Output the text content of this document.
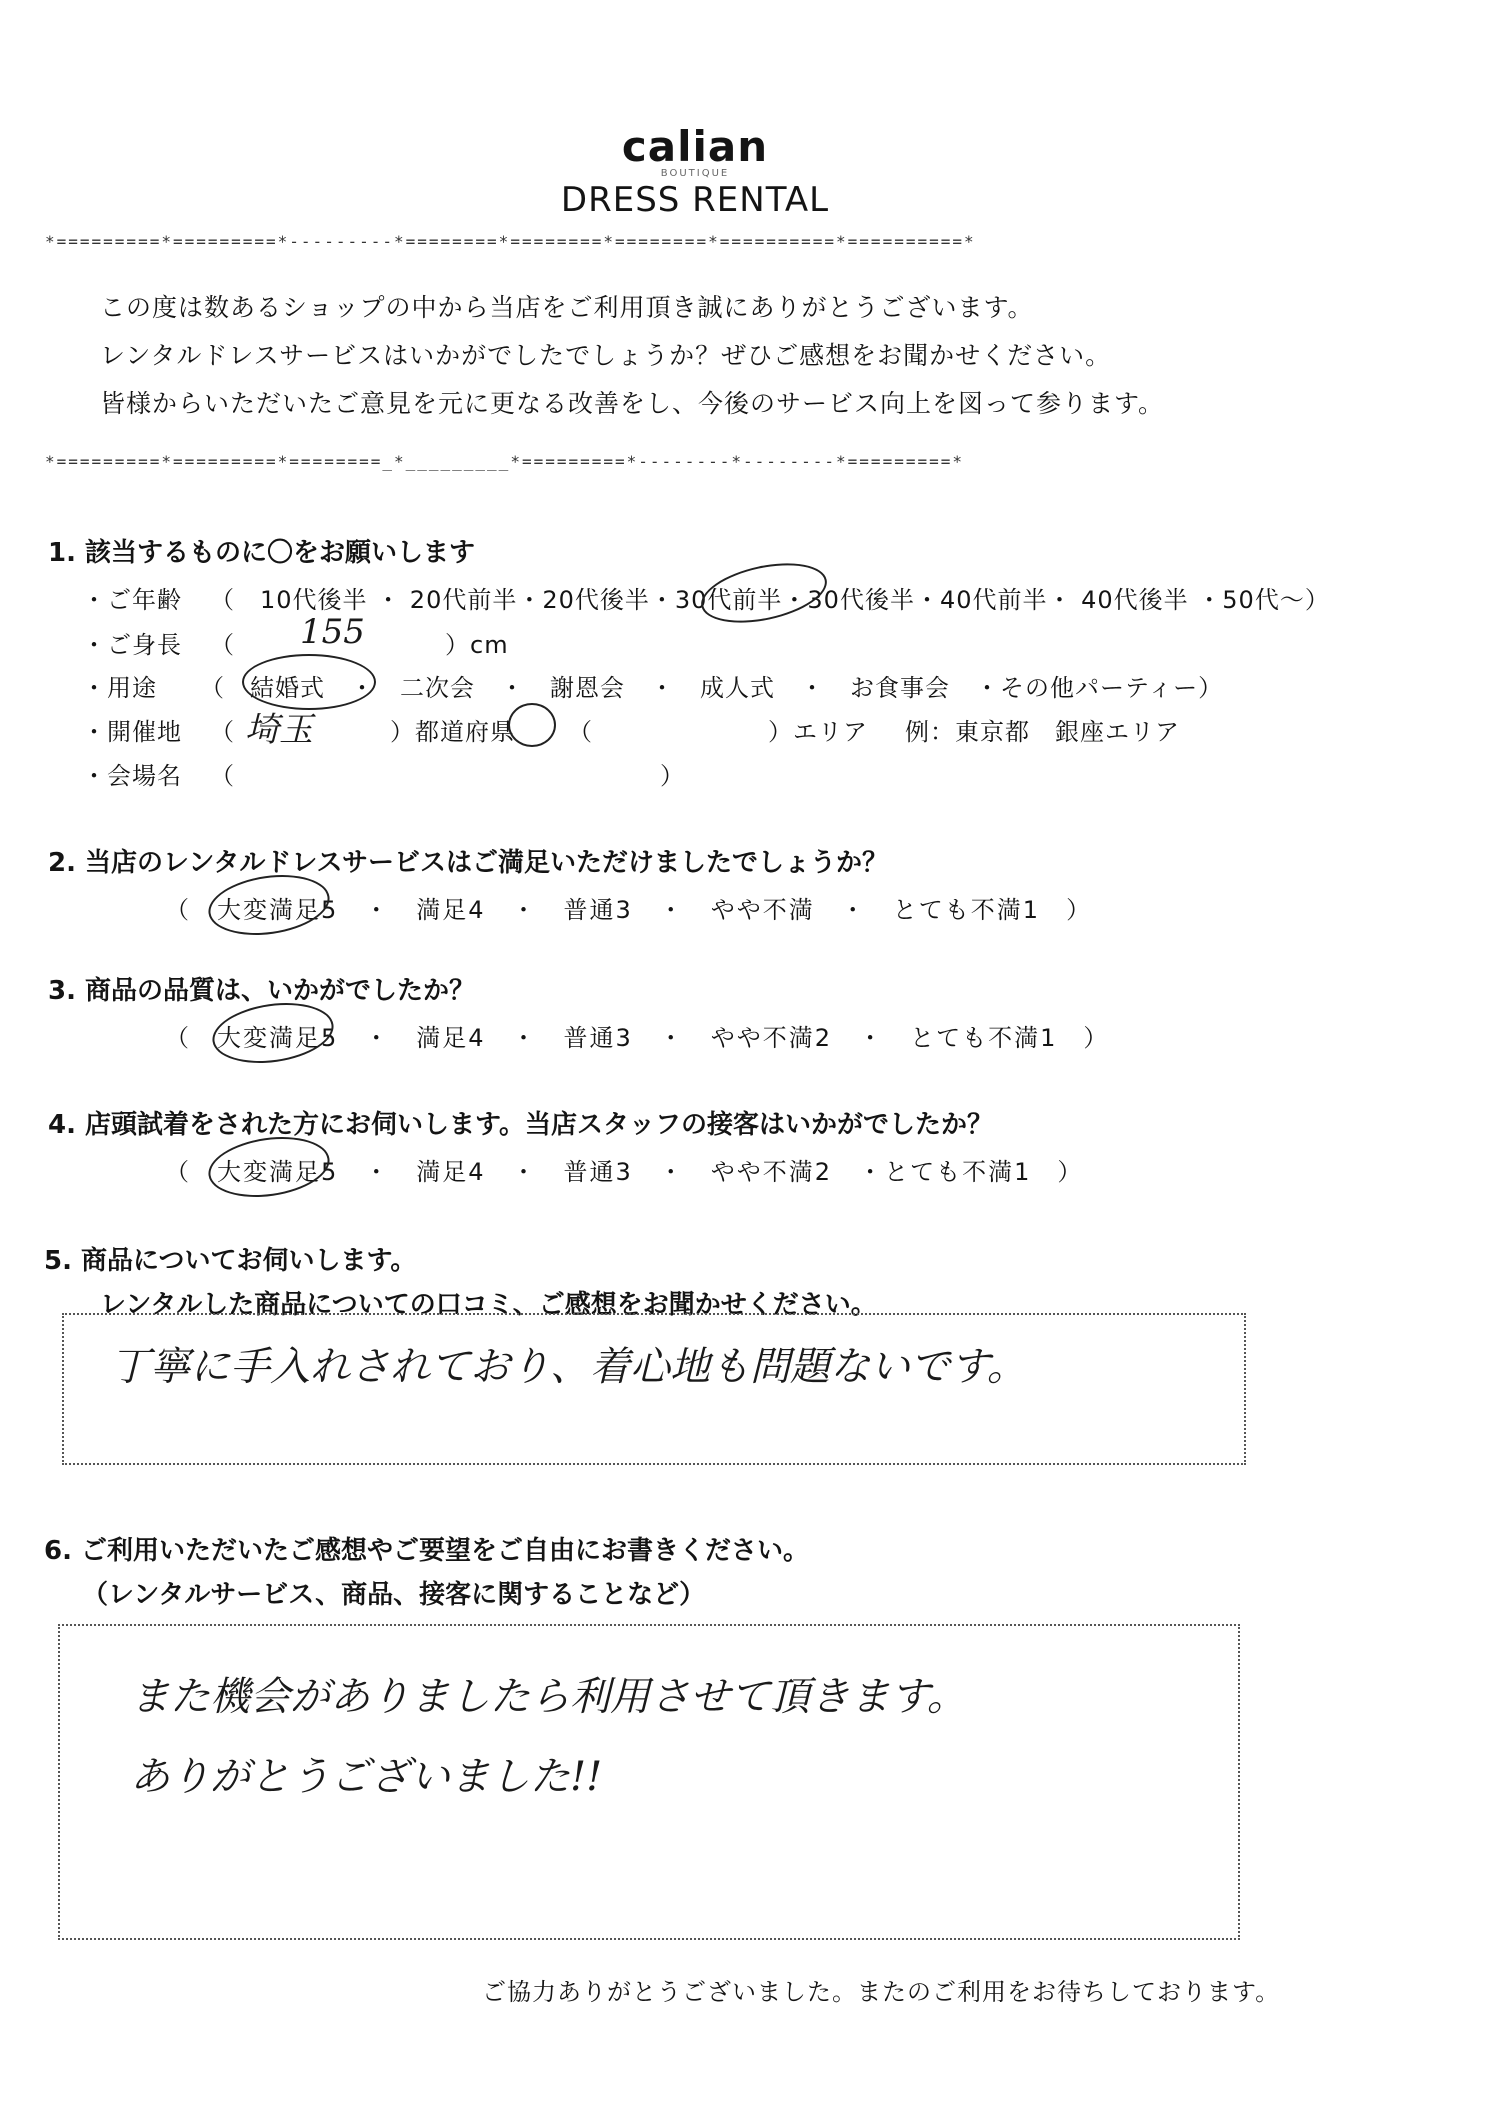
calian
BOUTIQUE
DRESS RENTAL
*=========*=========*---------*========*========*========*==========*==========*
この度は数あるショップの中から当店をご利用頂き誠にありがとうございます。
レンタルドレスサービスはいかがでしたでしょうか？ぜひご感想をお聞かせください。
皆様からいただいたご意見を元に更なる改善をし、今後のサービス向上を図って参ります。
*=========*=========*========_*_________*=========*--------*--------*=========*
1. 該当するものに〇をお願いします
・ご年齢 （　10代後半 ・ 20代前半・20代後半・30代前半・30代後半・40代前半・ 40代後半 ・50代～）
・ご身長 （ 155	）cm
・用途 （　結婚式　・　二次会　・　謝恩会　・　成人式　・　お食事会　・その他パーティー）
・開催地 （ 埼玉	）都道府県 （　　　　　　　）エリア 例：東京都　銀座エリア
・会場名 （　　　　　　　　　　　　　　　　　）
2. 当店のレンタルドレスサービスはご満足いただけましたでしょうか？
（　大変満足5　・　満足4　・　普通3　・　やや不満　・　とても不満1　）
3. 商品の品質は、いかがでしたか？
（　大変満足5　・　満足4　・　普通3　・　やや不満2　・　とても不満1　）
4. 店頭試着をされた方にお伺いします。当店スタッフの接客はいかがでしたか？
（　大変満足5　・　満足4　・　普通3　・　やや不満2　・とても不満1　）
5. 商品についてお伺いします。
レンタルした商品についての口コミ、ご感想をお聞かせください。
丁寧に手入れされており、着心地も問題ないです。
6. ご利用いただいたご感想やご要望をご自由にお書きください。
（レンタルサービス、商品、接客に関することなど）
また機会がありましたら利用させて頂きます。
ありがとうございました!!
ご協力ありがとうございました。またのご利用をお待ちしております。
